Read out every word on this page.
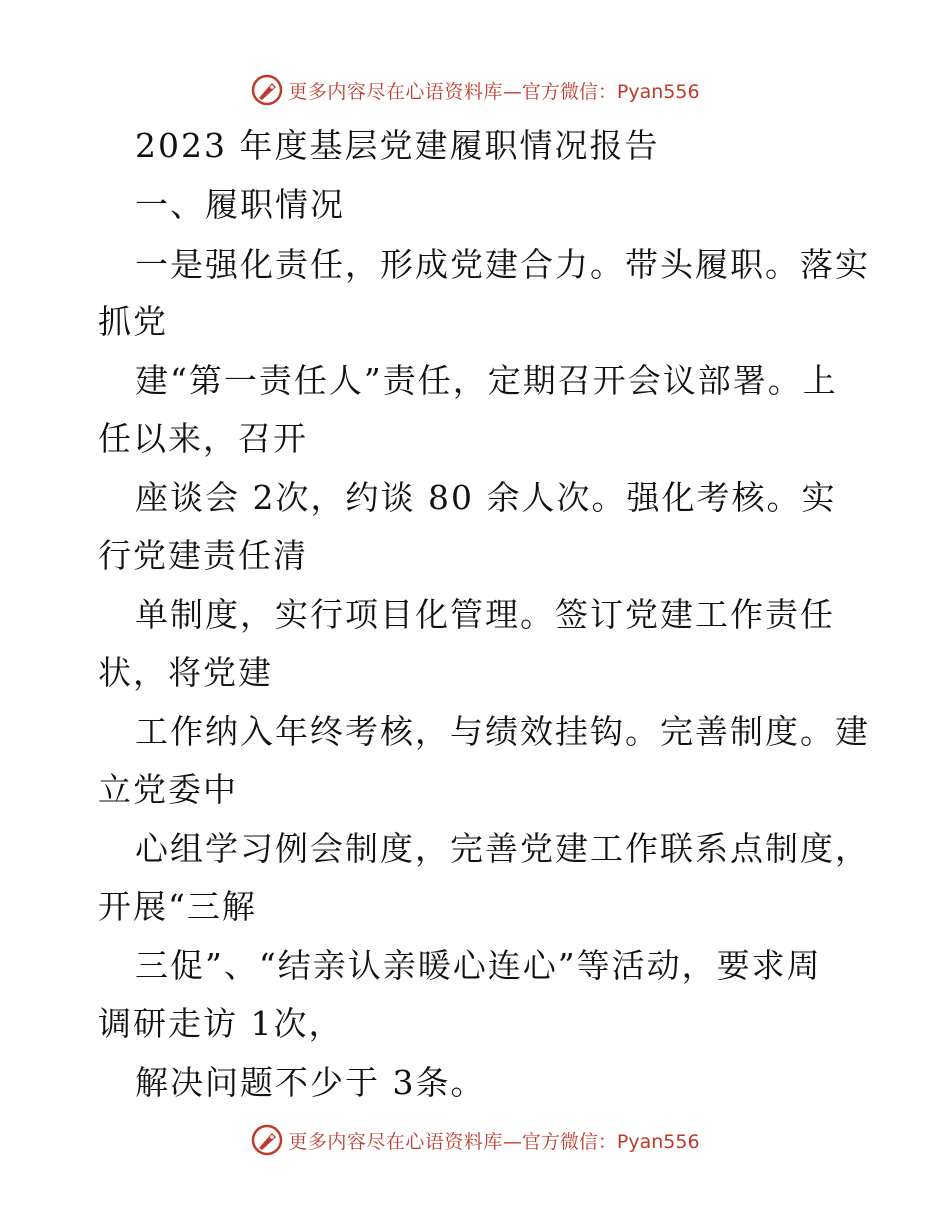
更多内容尽在心语资料库 —官方微信：Pyan556
2023 年度基层党建履职情况报告
一、履职情况
一是强化责任，形成党建合力。带头履职。落实
抓党
建“第一责任人”责任，定期召开会议部署。上
任以来，召开
座谈会 2次，约谈 80 余人次。强化考核。实
行党建责任清
单制度，实行项目化管理。签订党建工作责任
状，将党建
工作纳入年终考核，与绩效挂钩。完善制度。建
立党委中
心组学习例会制度，完善党建工作联系点制度，
开展“三解
三促”、“结亲认亲暖心连心”等活动，要求周
调研走访 1次，
解决问题不少于 3条。
更多内容尽在心语资料库 —官方微信：Pyan556
